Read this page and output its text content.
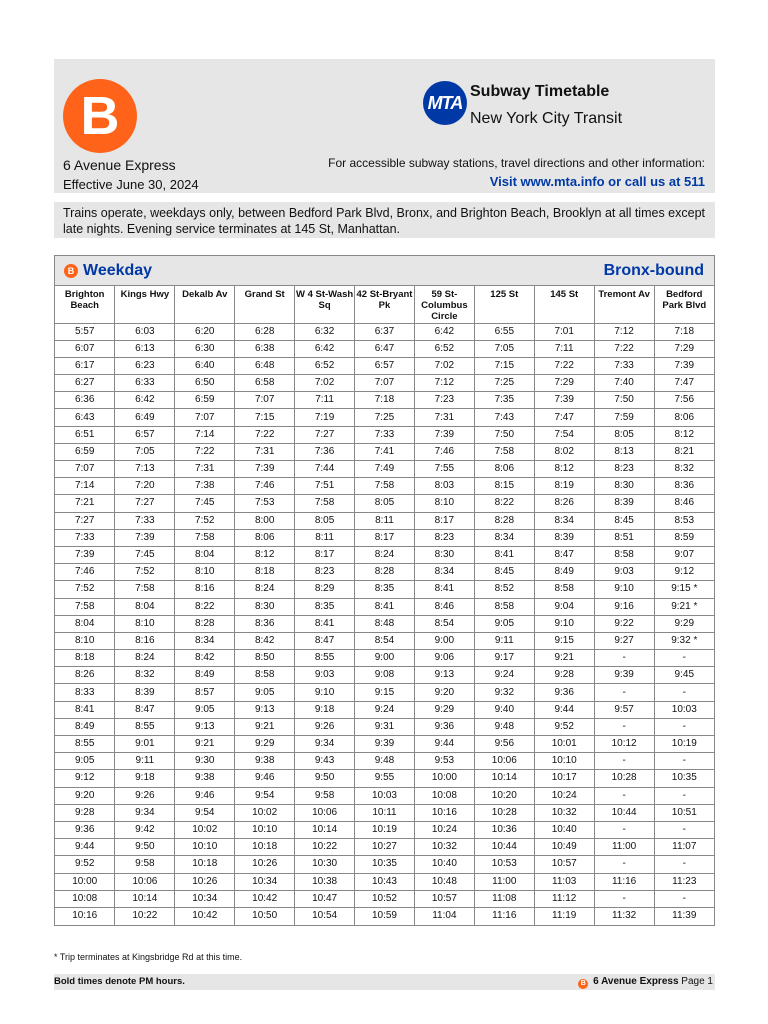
B
6 Avenue Express
Effective June 30, 2024
MTA
Subway Timetable
New York City Transit
For accessible subway stations, travel directions and other information:
Visit www.mta.info or call us at 511
Trains operate, weekdays only, between Bedford Park Blvd, Bronx, and Brighton Beach, Brooklyn at all times except late nights. Evening service terminates at 145 St, Manhattan.
B Weekday	Bronx-bound
Brighton Beach	Kings Hwy	Dekalb Av	Grand St	W 4 St-Wash Sq	42 St-Bryant Pk	59 St-Columbus Circle	125 St	145 St	Tremont Av	Bedford Park Blvd
5:57	6:03	6:20	6:28	6:32	6:37	6:42	6:55	7:01	7:12	7:18
6:07	6:13	6:30	6:38	6:42	6:47	6:52	7:05	7:11	7:22	7:29
6:17	6:23	6:40	6:48	6:52	6:57	7:02	7:15	7:22	7:33	7:39
6:27	6:33	6:50	6:58	7:02	7:07	7:12	7:25	7:29	7:40	7:47
6:36	6:42	6:59	7:07	7:11	7:18	7:23	7:35	7:39	7:50	7:56
6:43	6:49	7:07	7:15	7:19	7:25	7:31	7:43	7:47	7:59	8:06
6:51	6:57	7:14	7:22	7:27	7:33	7:39	7:50	7:54	8:05	8:12
6:59	7:05	7:22	7:31	7:36	7:41	7:46	7:58	8:02	8:13	8:21
7:07	7:13	7:31	7:39	7:44	7:49	7:55	8:06	8:12	8:23	8:32
7:14	7:20	7:38	7:46	7:51	7:58	8:03	8:15	8:19	8:30	8:36
7:21	7:27	7:45	7:53	7:58	8:05	8:10	8:22	8:26	8:39	8:46
7:27	7:33	7:52	8:00	8:05	8:11	8:17	8:28	8:34	8:45	8:53
7:33	7:39	7:58	8:06	8:11	8:17	8:23	8:34	8:39	8:51	8:59
7:39	7:45	8:04	8:12	8:17	8:24	8:30	8:41	8:47	8:58	9:07
7:46	7:52	8:10	8:18	8:23	8:28	8:34	8:45	8:49	9:03	9:12
7:52	7:58	8:16	8:24	8:29	8:35	8:41	8:52	8:58	9:10	9:15 *
7:58	8:04	8:22	8:30	8:35	8:41	8:46	8:58	9:04	9:16	9:21 *
8:04	8:10	8:28	8:36	8:41	8:48	8:54	9:05	9:10	9:22	9:29
8:10	8:16	8:34	8:42	8:47	8:54	9:00	9:11	9:15	9:27	9:32 *
8:18	8:24	8:42	8:50	8:55	9:00	9:06	9:17	9:21	-	-
8:26	8:32	8:49	8:58	9:03	9:08	9:13	9:24	9:28	9:39	9:45
8:33	8:39	8:57	9:05	9:10	9:15	9:20	9:32	9:36	-	-
8:41	8:47	9:05	9:13	9:18	9:24	9:29	9:40	9:44	9:57	10:03
8:49	8:55	9:13	9:21	9:26	9:31	9:36	9:48	9:52	-	-
8:55	9:01	9:21	9:29	9:34	9:39	9:44	9:56	10:01	10:12	10:19
9:05	9:11	9:30	9:38	9:43	9:48	9:53	10:06	10:10	-	-
9:12	9:18	9:38	9:46	9:50	9:55	10:00	10:14	10:17	10:28	10:35
9:20	9:26	9:46	9:54	9:58	10:03	10:08	10:20	10:24	-	-
9:28	9:34	9:54	10:02	10:06	10:11	10:16	10:28	10:32	10:44	10:51
9:36	9:42	10:02	10:10	10:14	10:19	10:24	10:36	10:40	-	-
9:44	9:50	10:10	10:18	10:22	10:27	10:32	10:44	10:49	11:00	11:07
9:52	9:58	10:18	10:26	10:30	10:35	10:40	10:53	10:57	-	-
10:00	10:06	10:26	10:34	10:38	10:43	10:48	11:00	11:03	11:16	11:23
10:08	10:14	10:34	10:42	10:47	10:52	10:57	11:08	11:12	-	-
10:16	10:22	10:42	10:50	10:54	10:59	11:04	11:16	11:19	11:32	11:39
* Trip terminates at Kingsbridge Rd at this time.
Bold times denote PM hours.	B 6 Avenue Express Page 1
